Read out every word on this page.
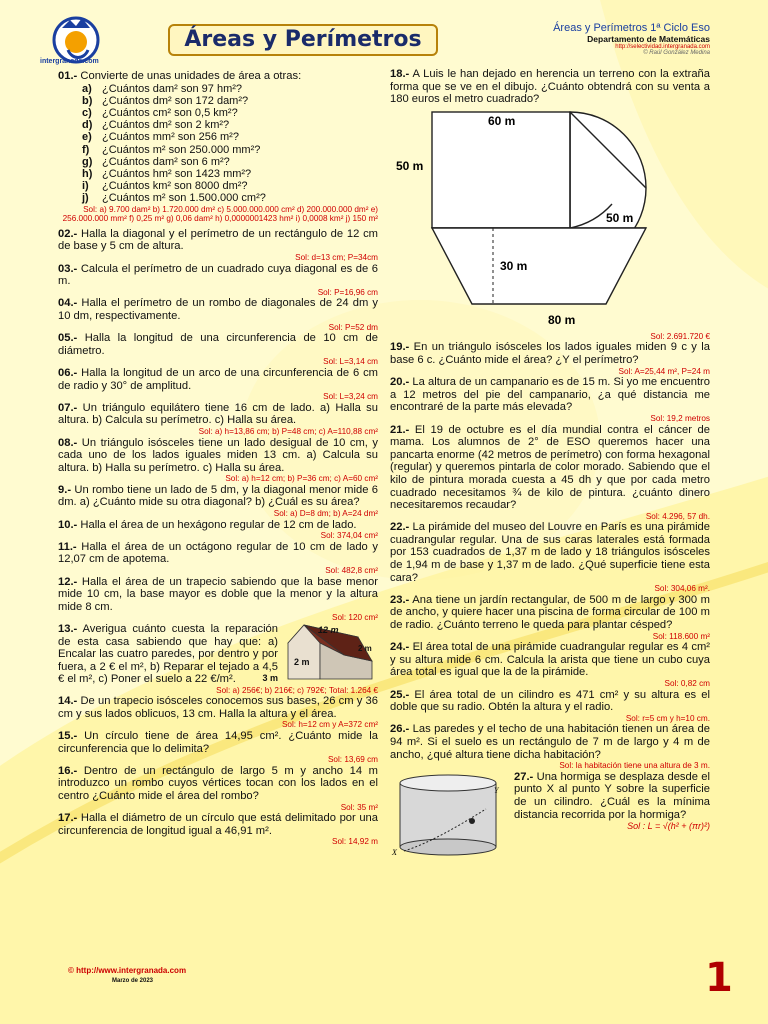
intergranada.com
Áreas y Perímetros	Áreas y Perímetros 1ª Ciclo Eso
Departamento de Matemáticas
http://selectividad.intergranada.com
© Raúl González Medina
01.- Convierte de unas unidades de área a otras:
a) ¿Cuántos dam² son 97 hm²?
b) ¿Cuántos dm² son 172 dam²?
c) ¿Cuántos cm² son 0,5 km²?
d) ¿Cuántos dm² son 2 km²?
e) ¿Cuántos mm² son 256 m²?
f) ¿Cuántos m² son 250.000 mm²?
g) ¿Cuántos dam² son 6 m²?
h) ¿Cuántos hm² son 1423 mm²?
i) ¿Cuántos km² son 8000 dm²?
j) ¿Cuántos m² son 1.500.000 cm²?
Sol: a) 9.700 dam² b) 1.720.000 dm² c) 5.000.000.000 cm² d) 200.000.000 dm² e) 256.000.000 mm² f) 0,25 m² g) 0,06 dam² h) 0,0000001423 hm² i) 0,0008 km² j) 150 m²
02.- Halla la diagonal y el perímetro de un rectángulo de 12 cm de base y 5 cm de altura.
Sol: d=13 cm; P=34cm
03.- Calcula el perímetro de un cuadrado cuya diagonal es de 6 m.
Sol: P=16,96 cm
04.- Halla el perímetro de un rombo de diagonales de 24 dm y 10 dm, respectivamente.
Sol: P=52 dm
05.- Halla la longitud de una circunferencia de 10 cm de diámetro.
Sol: L=3,14 cm
06.- Halla la longitud de un arco de una circunferencia de 6 cm de radio y 30° de amplitud.
Sol: L=3,24 cm
07.- Un triángulo equilátero tiene 16 cm de lado. a) Halla su altura. b) Calcula su perímetro. c) Halla su área.
Sol: a) h=13,86 cm; b) P=48 cm; c) A=110,88 cm²
08.- Un triángulo isósceles tiene un lado desigual de 10 cm, y cada uno de los lados iguales miden 13 cm. a) Calcula su altura. b) Halla su perímetro. c) Halla su área.
Sol: a) h=12 cm; b) P=36 cm; c) A=60 cm²
9.- Un rombo tiene un lado de 5 dm, y la diagonal menor mide 6 dm. a) ¿Cuánto mide su otra diagonal? b) ¿Cuál es su área?
Sol: a) D=8 dm; b) A=24 dm²
10.- Halla el área de un hexágono regular de 12 cm de lado.
Sol: 374,04 cm²
11.- Halla el área de un octágono regular de 10 cm de lado y 12,07 cm de apotema.
Sol: 482,8 cm²
12.- Halla el área de un trapecio sabiendo que la base menor mide 10 cm, la base mayor es doble que la menor y la altura mide 8 cm.
Sol: 120 cm²
12 m
2 m
2 m
13.- Averigua cuánto cuesta la reparación de esta casa sabiendo que hay que: a) Encalar las cuatro paredes, por dentro y por fuera, a 2 € el m², b) Reparar el tejado a 4,5 € el m², c) Poner el suelo a 22 €/m².
Sol: a) 256€; b) 216€; c) 792€; Total: 1.264 €
3 m
14.- De un trapecio isósceles conocemos sus bases, 26 cm y 36 cm y sus lados oblicuos, 13 cm. Halla la altura y el área.
Sol: h=12 cm y A=372 cm²
15.- Un círculo tiene de área 14,95 cm². ¿Cuánto mide la circunferencia que lo delimita?
Sol: 13,69 cm
16.- Dentro de un rectángulo de largo 5 m y ancho 14 m introduzco un rombo cuyos vértices tocan con los lados en el centro ¿Cuánto mide el área del rombo?
Sol: 35 m²
17.- Halla el diámetro de un círculo que está delimitado por una circunferencia de longitud igual a 46,91 m².
Sol: 14,92 m
18.- A Luis le han dejado en herencia un terreno con la extraña forma que se ve en el dibujo. ¿Cuánto obtendrá con su venta a 180 euros el metro cuadrado?
60 m
50 m
50 m
30 m
80 m
Sol: 2.691.720 €
19.- En un triángulo isósceles los lados iguales miden 9 c y la base 6 c. ¿Cuánto mide el área? ¿Y el perímetro?
Sol: A=25,44 m², P=24 m
20.- La altura de un campanario es de 15 m. Si yo me encuentro a 12 metros del pie del campanario, ¿a qué distancia me encontraré de la parte más elevada?
Sol: 19,2 metros
21.- El 19 de octubre es el día mundial contra el cáncer de mama. Los alumnos de 2° de ESO queremos hacer una pancarta enorme (42 metros de perímetro) con forma hexagonal (regular) y queremos pintarla de color morado. Sabiendo que el kilo de pintura morada cuesta a 45 dh y que por cada metro cuadrado necesitamos ¾ de kilo de pintura. ¿cuánto dinero necesitaremos recaudar?
Sol: 4.296, 57 dh.
22.- La pirámide del museo del Louvre en París es una pirámide cuadrangular regular. Una de sus caras laterales está formada por 153 cuadrados de 1,37 m de lado y 18 triángulos isósceles de 1,94 m de base y 1,37 m de lado. ¿Qué superficie tiene esta cara?
Sol: 304,06 m².
23.- Ana tiene un jardín rectangular, de 500 m de largo y 300 m de ancho, y quiere hacer una piscina de forma circular de 100 m de radio. ¿Cuánto terreno le queda para plantar césped?
Sol: 118.600 m²
24.- El área total de una pirámide cuadrangular regular es 4 cm² y su altura mide 6 cm. Calcula la arista que tiene un cubo cuya área total es igual que la de la pirámide.
Sol: 0,82 cm
25.- El área total de un cilindro es 471 cm² y su altura es el doble que su radio. Obtén la altura y el radio.
Sol: r=5 cm y h=10 cm.
26.- Las paredes y el techo de una habitación tienen un área de 94 m². Si el suelo es un rectángulo de 7 m de largo y 4 m de ancho, ¿qué altura tiene dicha habitación?
Sol: la habitación tiene una altura de 3 m.
X
Y
27.- Una hormiga se desplaza desde el punto X al punto Y sobre la superficie de un cilindro. ¿Cuál es la mínima distancia recorrida por la hormiga?
Sol : L = √(h² + (πr)²)
© http://www.intergranada.com
Marzo de 2023	1
